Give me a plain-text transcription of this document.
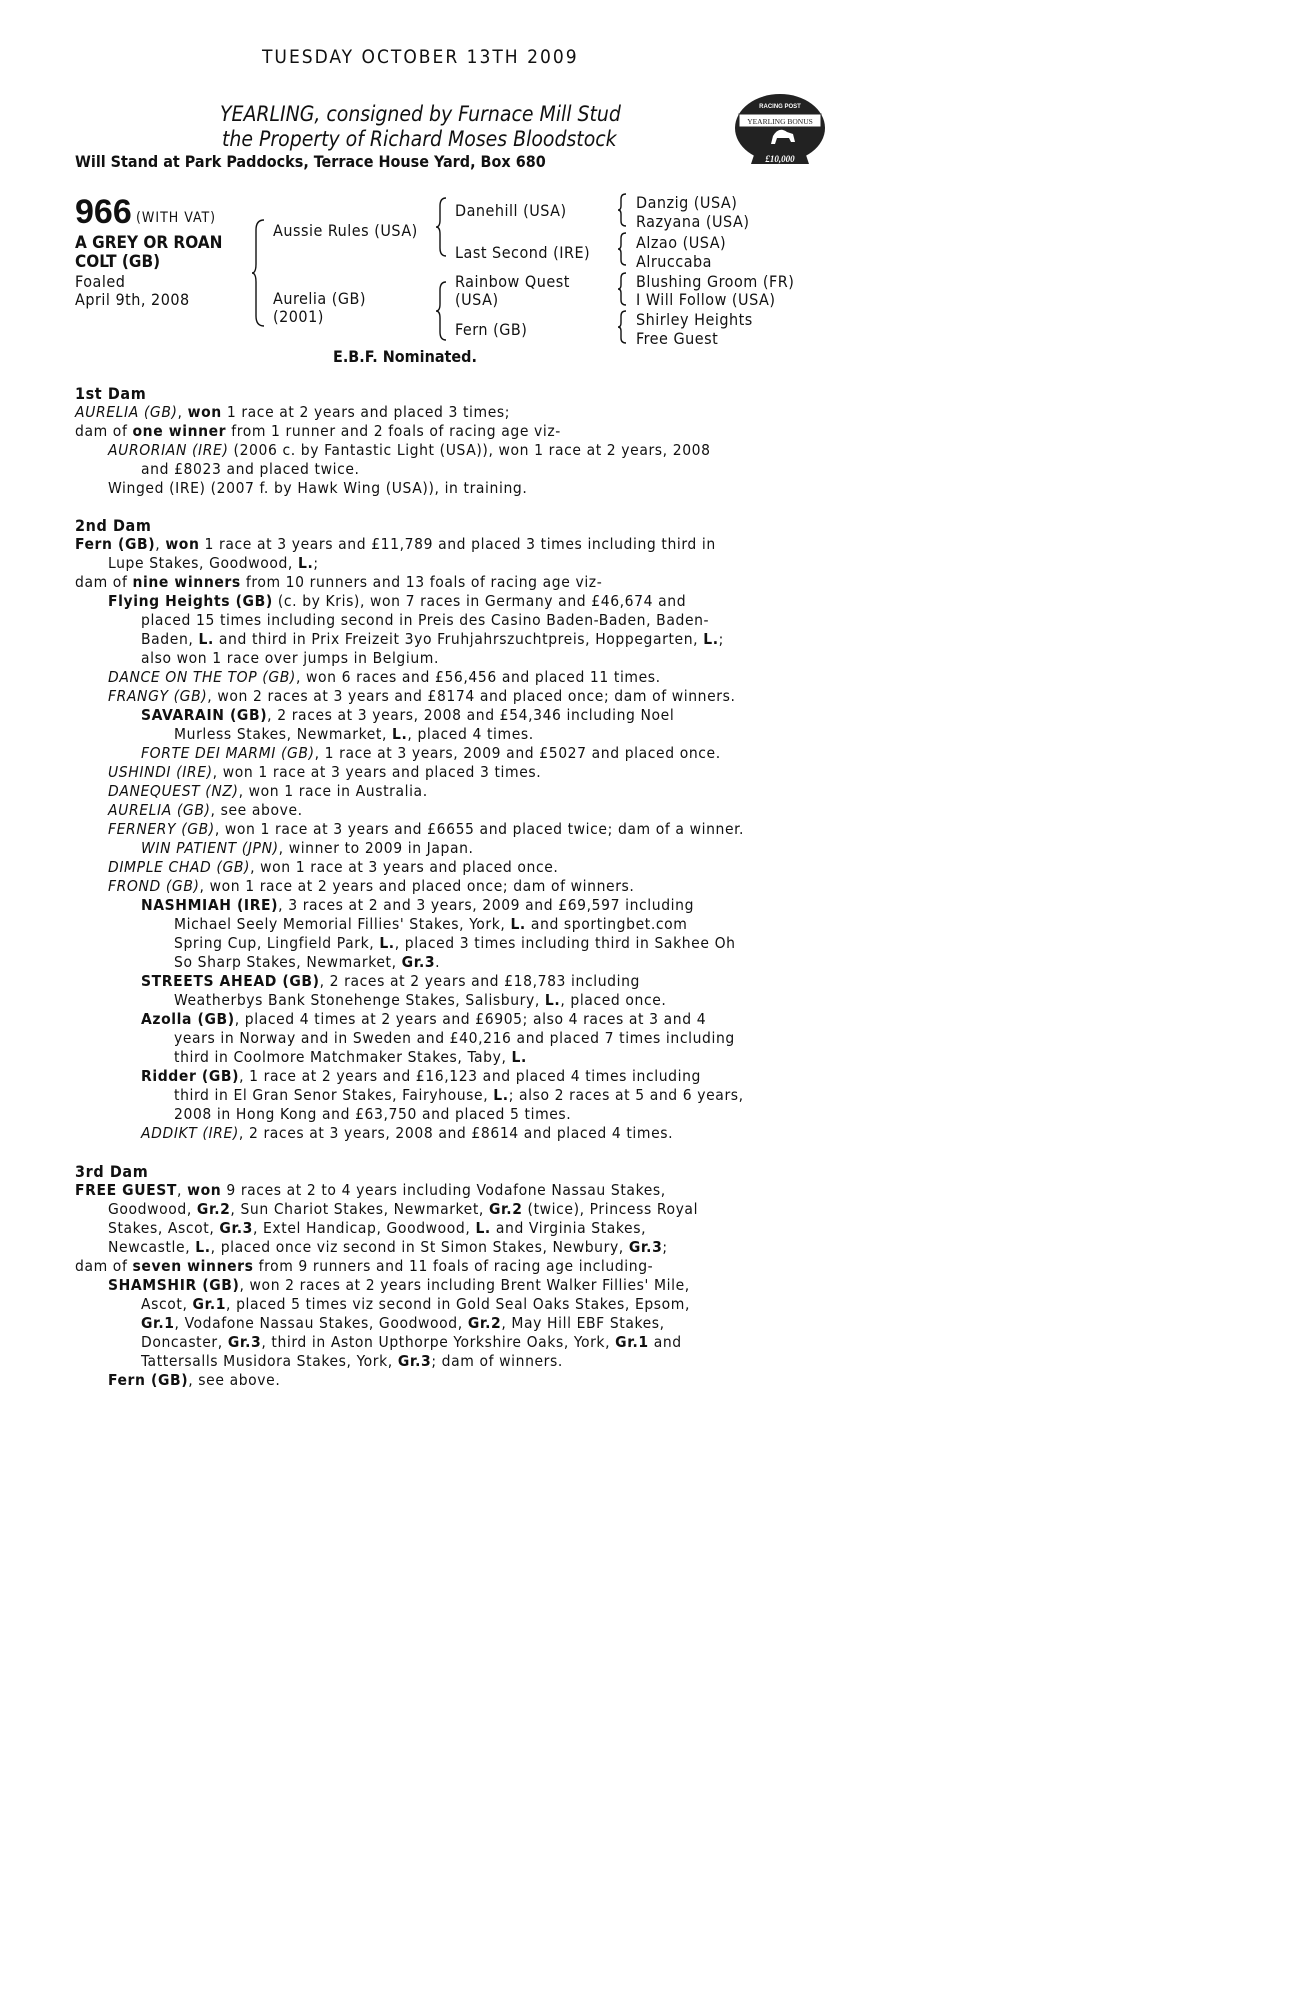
TUESDAY OCTOBER 13TH 2009
YEARLING, consigned by Furnace Mill Stud
the Property of Richard Moses Bloodstock
Will Stand at Park Paddocks, Terrace House Yard, Box 680
RACING POST
YEARLING BONUS
£10,000
966 (WITH VAT)
A GREY OR ROAN
COLT (GB)
Foaled
April 9th, 2008
Aussie Rules (USA)
Aurelia (GB)
(2001)
Danehill (USA)
Last Second (IRE)
Rainbow Quest
(USA)
Fern (GB)
Danzig (USA)
Razyana (USA)
Alzao (USA)
Alruccaba
Blushing Groom (FR)
I Will Follow (USA)
Shirley Heights
Free Guest
E.B.F. Nominated.
1st Dam
AURELIA (GB), won 1 race at 2 years and placed 3 times;
dam of one winner from 1 runner and 2 foals of racing age viz-
AURORIAN (IRE) (2006 c. by Fantastic Light (USA)), won 1 race at 2 years, 2008
and £8023 and placed twice.
Winged (IRE) (2007 f. by Hawk Wing (USA)), in training.
2nd Dam
Fern (GB), won 1 race at 3 years and £11,789 and placed 3 times including third in
Lupe Stakes, Goodwood, L.;
dam of nine winners from 10 runners and 13 foals of racing age viz-
Flying Heights (GB) (c. by Kris), won 7 races in Germany and £46,674 and
placed 15 times including second in Preis des Casino Baden-Baden, Baden-
Baden, L. and third in Prix Freizeit 3yo Fruhjahrszuchtpreis, Hoppegarten, L.;
also won 1 race over jumps in Belgium.
DANCE ON THE TOP (GB), won 6 races and £56,456 and placed 11 times.
FRANGY (GB), won 2 races at 3 years and £8174 and placed once; dam of winners.
SAVARAIN (GB), 2 races at 3 years, 2008 and £54,346 including Noel
Murless Stakes, Newmarket, L., placed 4 times.
FORTE DEI MARMI (GB), 1 race at 3 years, 2009 and £5027 and placed once.
USHINDI (IRE), won 1 race at 3 years and placed 3 times.
DANEQUEST (NZ), won 1 race in Australia.
AURELIA (GB), see above.
FERNERY (GB), won 1 race at 3 years and £6655 and placed twice; dam of a winner.
WIN PATIENT (JPN), winner to 2009 in Japan.
DIMPLE CHAD (GB), won 1 race at 3 years and placed once.
FROND (GB), won 1 race at 2 years and placed once; dam of winners.
NASHMIAH (IRE), 3 races at 2 and 3 years, 2009 and £69,597 including
Michael Seely Memorial Fillies' Stakes, York, L. and sportingbet.com
Spring Cup, Lingfield Park, L., placed 3 times including third in Sakhee Oh
So Sharp Stakes, Newmarket, Gr.3.
STREETS AHEAD (GB), 2 races at 2 years and £18,783 including
Weatherbys Bank Stonehenge Stakes, Salisbury, L., placed once.
Azolla (GB), placed 4 times at 2 years and £6905; also 4 races at 3 and 4
years in Norway and in Sweden and £40,216 and placed 7 times including
third in Coolmore Matchmaker Stakes, Taby, L.
Ridder (GB), 1 race at 2 years and £16,123 and placed 4 times including
third in El Gran Senor Stakes, Fairyhouse, L.; also 2 races at 5 and 6 years,
2008 in Hong Kong and £63,750 and placed 5 times.
ADDIKT (IRE), 2 races at 3 years, 2008 and £8614 and placed 4 times.
3rd Dam
FREE GUEST, won 9 races at 2 to 4 years including Vodafone Nassau Stakes,
Goodwood, Gr.2, Sun Chariot Stakes, Newmarket, Gr.2 (twice), Princess Royal
Stakes, Ascot, Gr.3, Extel Handicap, Goodwood, L. and Virginia Stakes,
Newcastle, L., placed once viz second in St Simon Stakes, Newbury, Gr.3;
dam of seven winners from 9 runners and 11 foals of racing age including-
SHAMSHIR (GB), won 2 races at 2 years including Brent Walker Fillies' Mile,
Ascot, Gr.1, placed 5 times viz second in Gold Seal Oaks Stakes, Epsom,
Gr.1, Vodafone Nassau Stakes, Goodwood, Gr.2, May Hill EBF Stakes,
Doncaster, Gr.3, third in Aston Upthorpe Yorkshire Oaks, York, Gr.1 and
Tattersalls Musidora Stakes, York, Gr.3; dam of winners.
Fern (GB), see above.
